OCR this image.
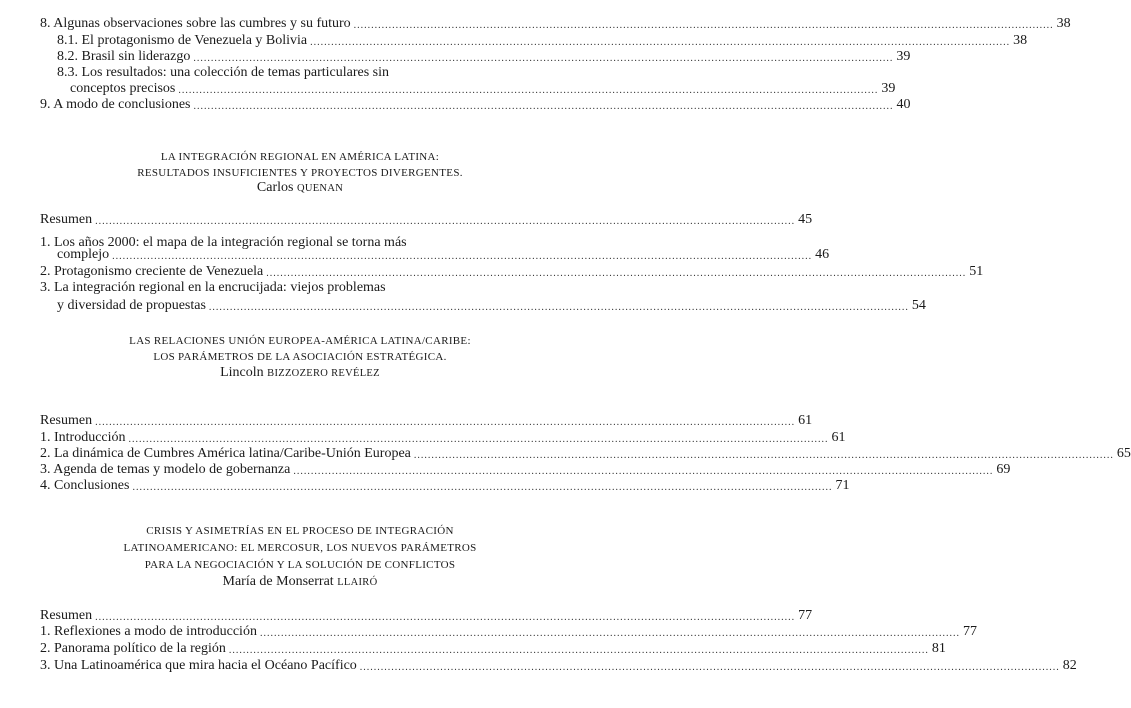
8. Algunas observaciones sobre las cumbres y su futuro ........................................................................................................................................................................................................ 38
8.1. El protagonismo de Venezuela y Bolivia ........................................................................................................................................................................................................ 38
8.2. Brasil sin liderazgo ........................................................................................................................................................................................................ 39
8.3. Los resultados: una colección de temas particulares sin
conceptos precisos ........................................................................................................................................................................................................ 39
9. A modo de conclusiones ........................................................................................................................................................................................................ 40
Resumen ........................................................................................................................................................................................................ 45
1. Los años 2000: el mapa de la integración regional se torna más
complejo ........................................................................................................................................................................................................ 46
2. Protagonismo creciente de Venezuela ........................................................................................................................................................................................................ 51
3. La integración regional en la encrucijada: viejos problemas
y diversidad de propuestas ........................................................................................................................................................................................................ 54
Resumen ........................................................................................................................................................................................................ 61
1. Introducción ........................................................................................................................................................................................................ 61
2. La dinámica de Cumbres América latina/Caribe-Unión Europea ........................................................................................................................................................................................................ 65
3. Agenda de temas y modelo de gobernanza ........................................................................................................................................................................................................ 69
4. Conclusiones ........................................................................................................................................................................................................ 71
Resumen ........................................................................................................................................................................................................ 77
1. Reflexiones a modo de introducción ........................................................................................................................................................................................................ 77
2. Panorama político de la región ........................................................................................................................................................................................................ 81
3. Una Latinoamérica que mira hacia el Océano Pacífico ........................................................................................................................................................................................................ 82
LA INTEGRACIÓN REGIONAL EN AMÉRICA LATINA:
RESULTADOS INSUFICIENTES Y PROYECTOS DIVERGENTES.
Carlos QUENAN
LAS RELACIONES UNIÓN EUROPEA-AMÉRICA LATINA/CARIBE:
LOS PARÁMETROS DE LA ASOCIACIÓN ESTRATÉGICA.
Lincoln BIZZOZERO REVÉLEZ
CRISIS Y ASIMETRÍAS EN EL PROCESO DE INTEGRACIÓN
LATINOAMERICANO: EL MERCOSUR, LOS NUEVOS PARÁMETROS
PARA LA NEGOCIACIÓN Y LA SOLUCIÓN DE CONFLICTOS
María de Monserrat LLAIRÓ
